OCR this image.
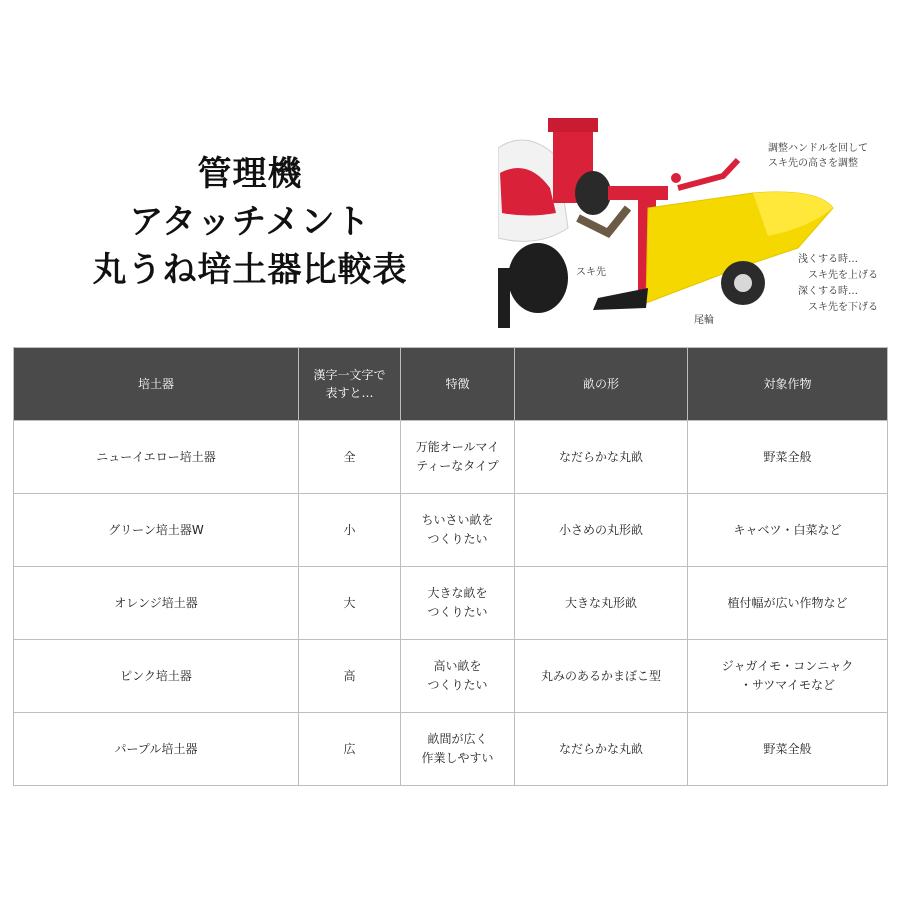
管理機
アタッチメント
丸うね培土器比較表
調整ハンドルを回して
スキ先の高さを調整
浅くする時…
スキ先を上げる
深くする時…
スキ先を下げる
スキ先
尾輪
培土器	漢字一文字で
表すと…	特徴	畝の形	対象作物
ニューイエロー培土器	全	万能オールマイ
ティーなタイプ	なだらかな丸畝	野菜全般

グリーン培土器W	小	ちいさい畝を
つくりたい	小さめの丸形畝	キャベツ・白菜など

オレンジ培土器	大	大きな畝を
つくりたい	大きな丸形畝	植付幅が広い作物など

ピンク培土器	高	高い畝を
つくりたい	丸みのあるかまぼこ型	ジャガイモ・コンニャク
・サツマイモなど

パープル培土器	広	畝間が広く
作業しやすい	なだらかな丸畝	野菜全般
